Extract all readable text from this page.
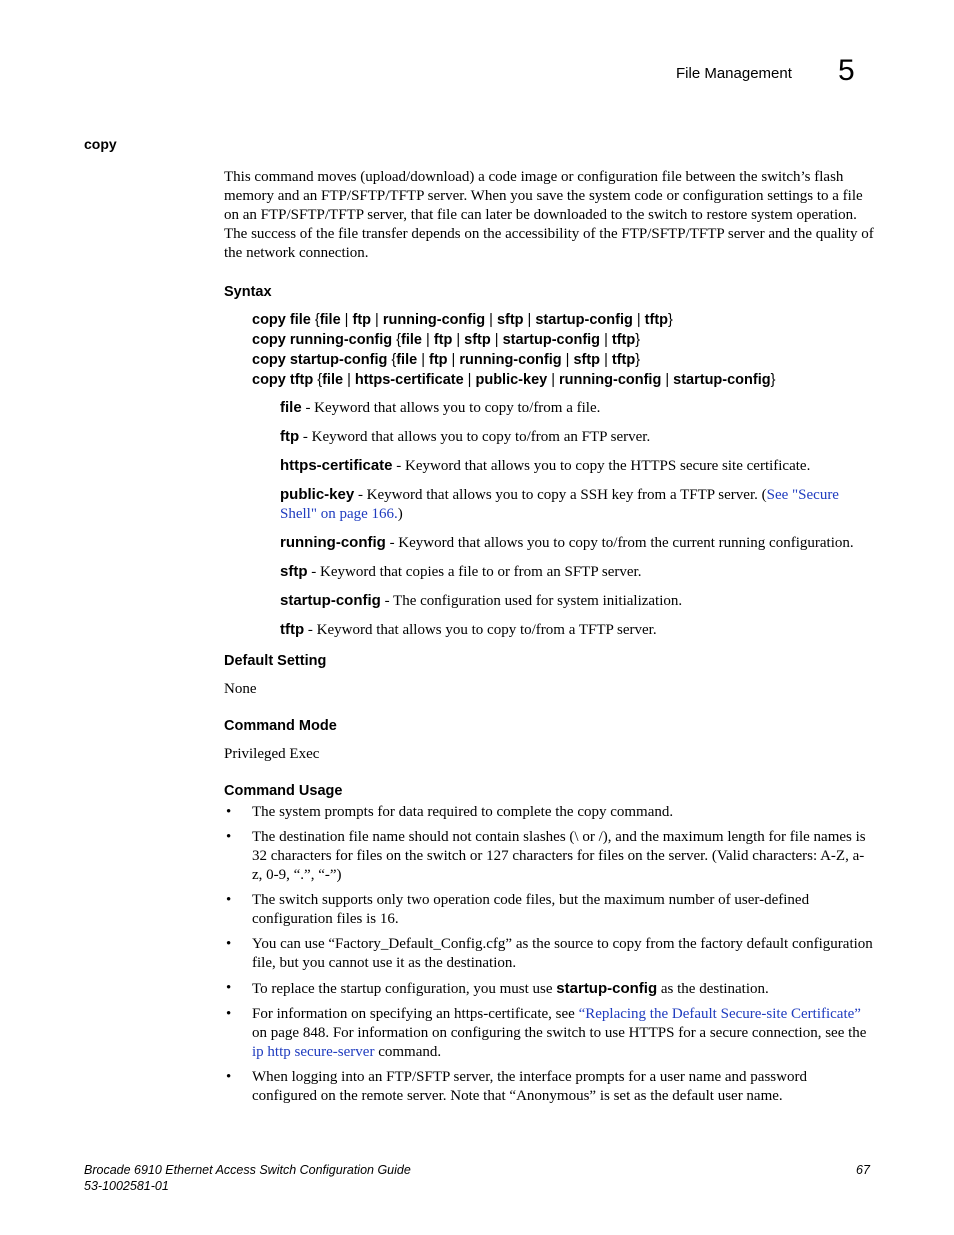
File Management 5
copy

This command moves (upload/download) a code image or configuration file between the switch’s flash memory and an FTP/SFTP/TFTP server. When you save the system code or configuration settings to a file on an FTP/SFTP/TFTP server, that file can later be downloaded to the switch to restore system operation. The success of the file transfer depends on the accessibility of the FTP/SFTP/TFTP server and the quality of the network connection.

Syntax

copy file {file | ftp | running-config | sftp | startup-config | tftp}
copy running-config {file | ftp | sftp | startup-config | tftp}
copy startup-config {file | ftp | running-config | sftp | tftp}
copy tftp {file | https-certificate | public-key | running-config | startup-config}

file - Keyword that allows you to copy to/from a file.

ftp - Keyword that allows you to copy to/from an FTP server.

https-certificate - Keyword that allows you to copy the HTTPS secure site certificate.

public-key - Keyword that allows you to copy a SSH key from a TFTP server. (See "Secure Shell" on page 166.)

running-config - Keyword that allows you to copy to/from the current running configuration.

sftp - Keyword that copies a file to or from an SFTP server.

startup-config - The configuration used for system initialization.

tftp - Keyword that allows you to copy to/from a TFTP server.

Default Setting

None

Command Mode

Privileged Exec

Command Usage

• The system prompts for data required to complete the copy command.
• The destination file name should not contain slashes (\ or /), and the maximum length for file names is 32 characters for files on the switch or 127 characters for files on the server. (Valid characters: A-Z, a-z, 0-9, “.”, “-”)
• The switch supports only two operation code files, but the maximum number of user-defined configuration files is 16.
• You can use “Factory_Default_Config.cfg” as the source to copy from the factory default configuration file, but you cannot use it as the destination.
• To replace the startup configuration, you must use startup-config as the destination.
• For information on specifying an https-certificate, see “Replacing the Default Secure-site Certificate” on page 848. For information on configuring the switch to use HTTPS for a secure connection, see the ip http secure-server command.
• When logging into an FTP/SFTP server, the interface prompts for a user name and password configured on the remote server. Note that “Anonymous” is set as the default user name.
Brocade 6910 Ethernet Access Switch Configuration Guide
53-1002581-01
67
